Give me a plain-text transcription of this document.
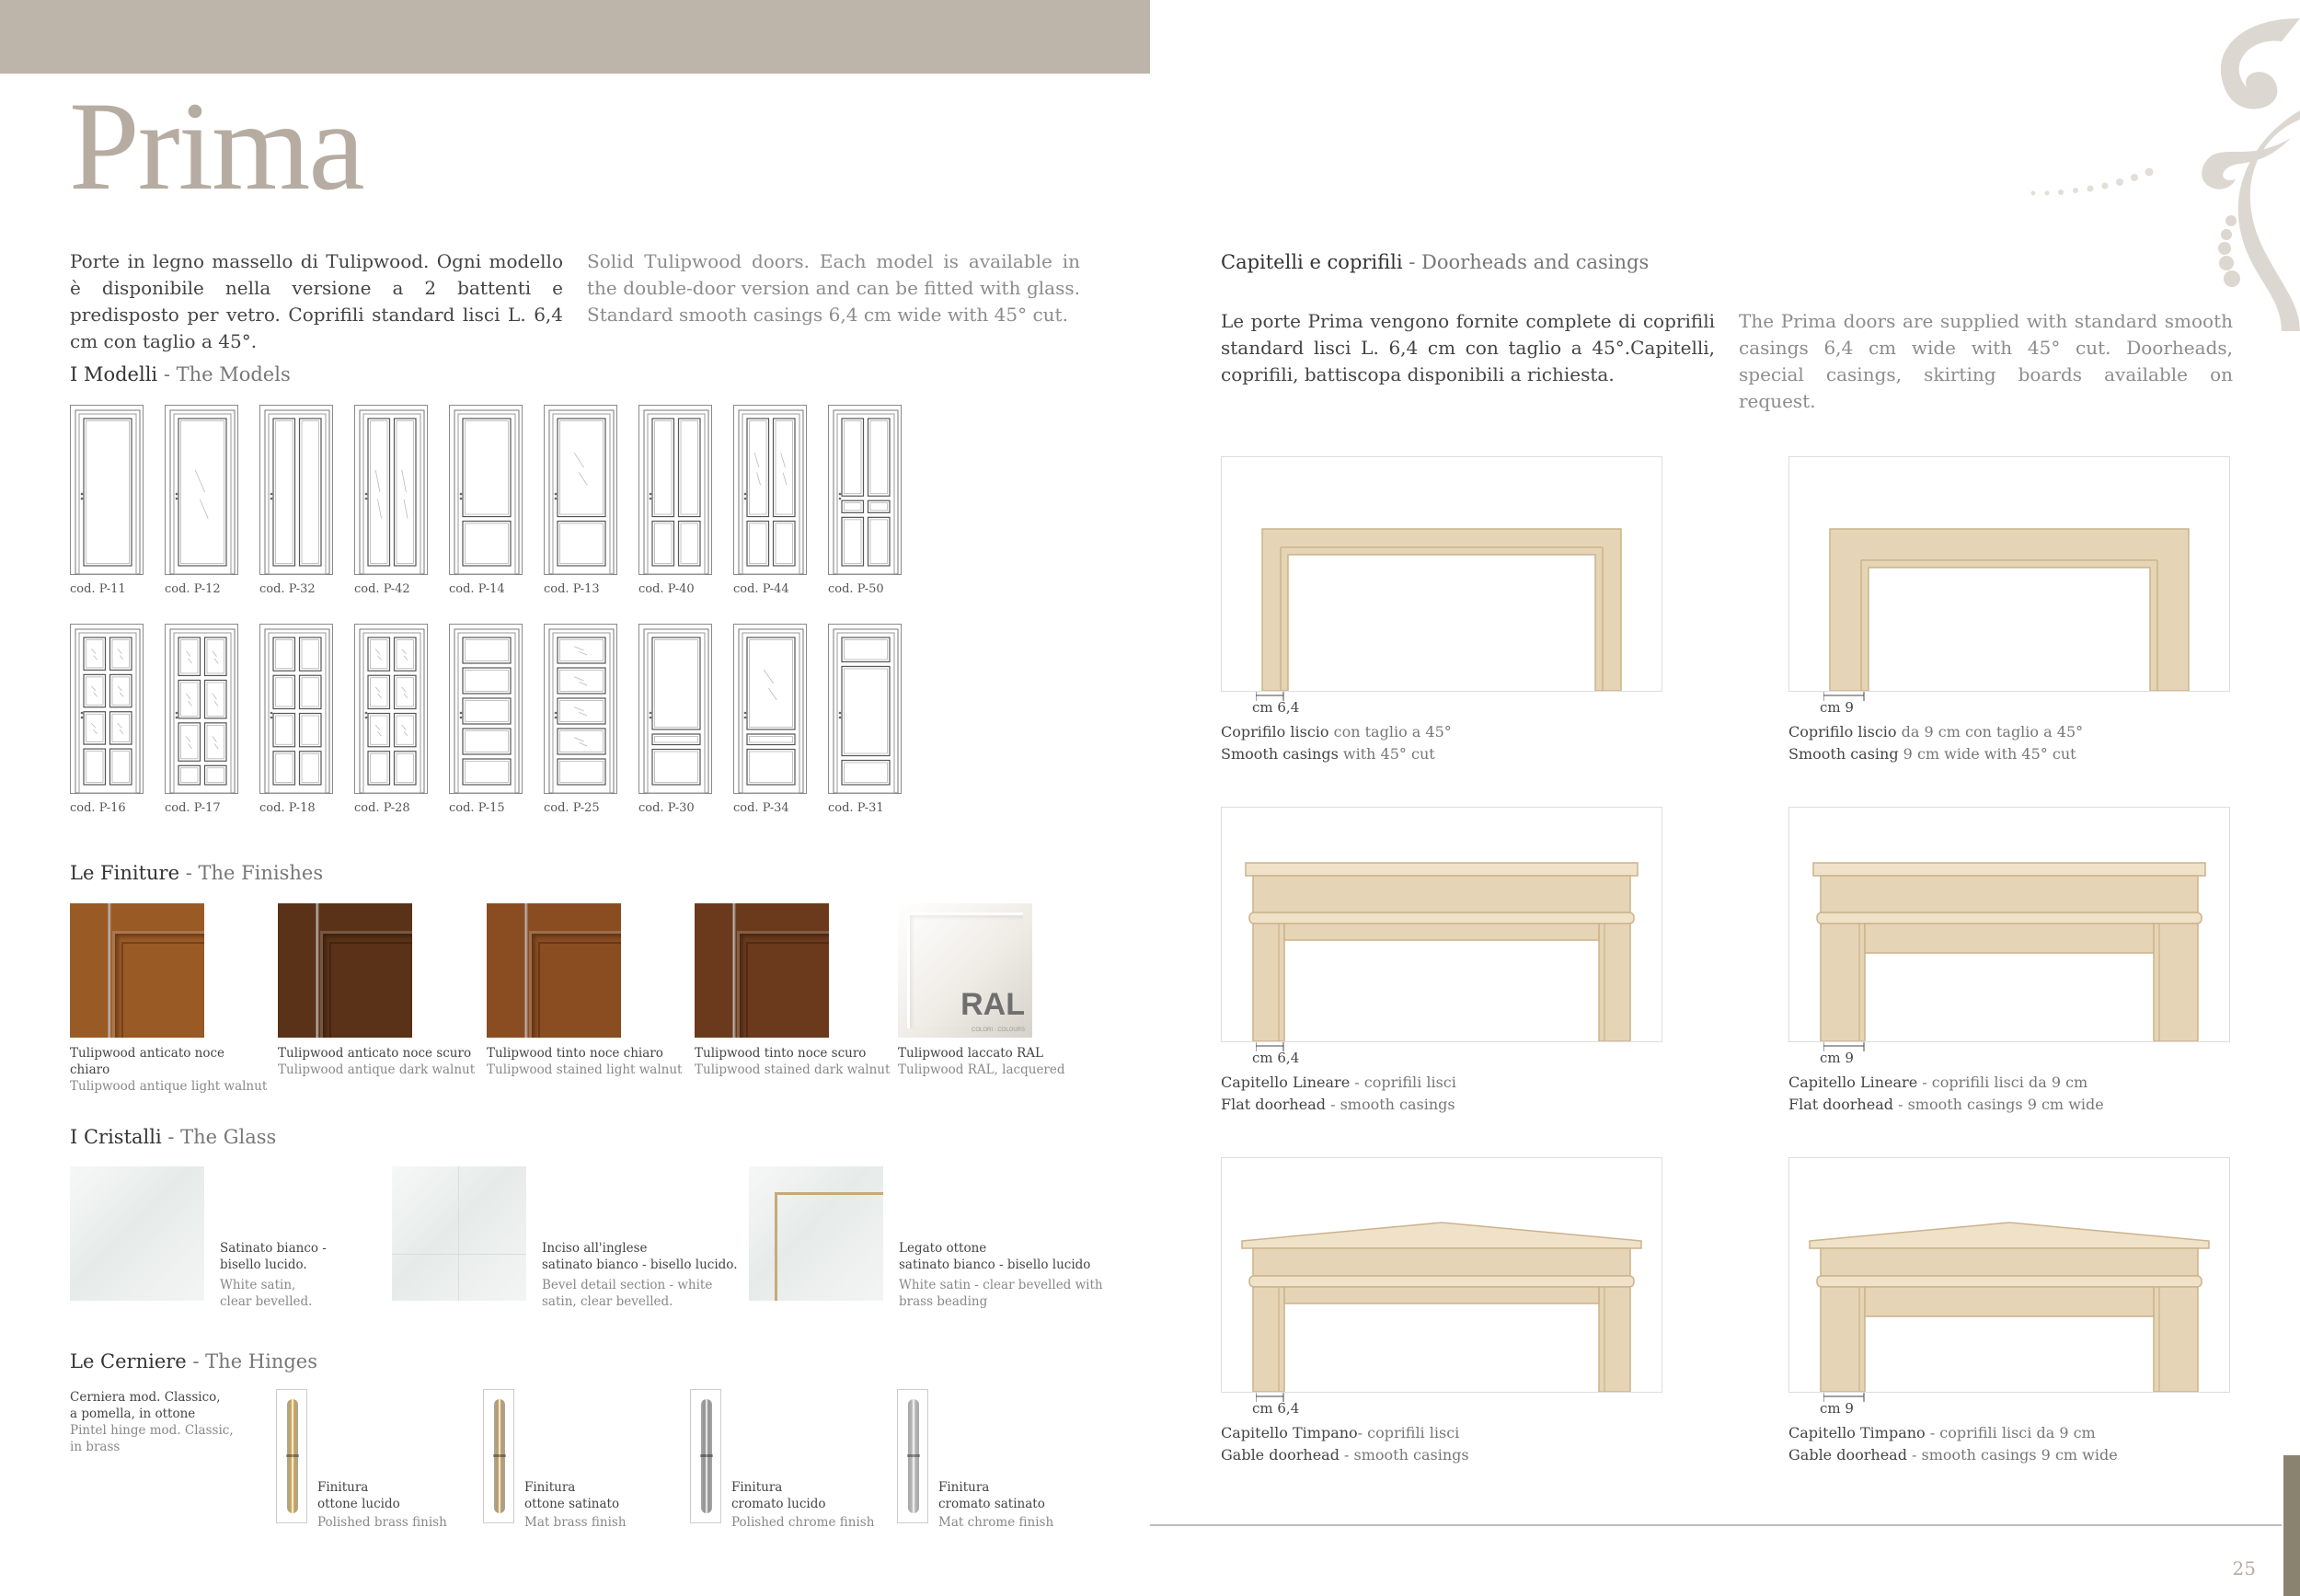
Prima
Porte in legno massello di Tulipwood. Ogni modello è disponibile nella versione a 2 battenti e predisposto per vetro. Coprifili standard lisci L. 6,4 cm con taglio a 45°.
Solid Tulipwood doors. Each model is available in the double-door version and can be fitted with glass. Standard smooth casings 6,4 cm wide with 45° cut.
I Modelli - The Models
cod. P-11	cod. P-12	cod. P-32	cod. P-42	cod. P-14	cod. P-13	cod. P-40	cod. P-44	cod. P-50
cod. P-16	cod. P-17	cod. P-18	cod. P-28	cod. P-15	cod. P-25	cod. P-30	cod. P-34	cod. P-31
Le Finiture - The Finishes
Tulipwood anticato noce chiaro
Tulipwood antique light walnut
Tulipwood anticato noce scuro
Tulipwood antique dark walnut
Tulipwood tinto noce chiaro
Tulipwood stained light walnut
Tulipwood tinto noce scuro
Tulipwood stained dark walnut
RAL
COLORI · COLOURS
Tulipwood laccato RAL
Tulipwood RAL, lacquered
I Cristalli - The Glass
Satinato bianco -
bisello lucido.
White satin,
clear bevelled.
Inciso all'inglese
satinato bianco - bisello lucido.
Bevel detail section - white
satin, clear bevelled.
Legato ottone
satinato bianco - bisello lucido
White satin - clear bevelled with
brass beading
Le Cerniere - The Hinges
Cerniera mod. Classico,
a pomella, in ottone
Pintel hinge mod. Classic,
in brass
Finitura
ottone lucido
Polished brass finish
Finitura
ottone satinato
Mat brass finish
Finitura
cromato lucido
Polished chrome finish
Finitura
cromato satinato
Mat chrome finish
Capitelli e coprifili - Doorheads and casings
Le porte Prima vengono fornite complete di coprifili standard lisci L. 6,4 cm con taglio a 45°.Capitelli, coprifili, battiscopa disponibili a richiesta.
The Prima doors are supplied with standard smooth casings 6,4 cm wide with 45° cut. Doorheads, special casings, skirting boards available on request.
cm 6,4
Coprifilo liscio con taglio a 45°
Smooth casings with 45° cut
cm 9
Coprifilo liscio da 9 cm con taglio a 45°
Smooth casing 9 cm wide with 45° cut
cm 6,4
Capitello Lineare - coprifili lisci
Flat doorhead - smooth casings
cm 9
Capitello Lineare - coprifili lisci da 9 cm
Flat doorhead - smooth casings 9 cm wide
cm 6,4
Capitello Timpano- coprifili lisci
Gable doorhead - smooth casings
cm 9
Capitello Timpano - coprifili lisci da 9 cm
Gable doorhead - smooth casings 9 cm wide
25
